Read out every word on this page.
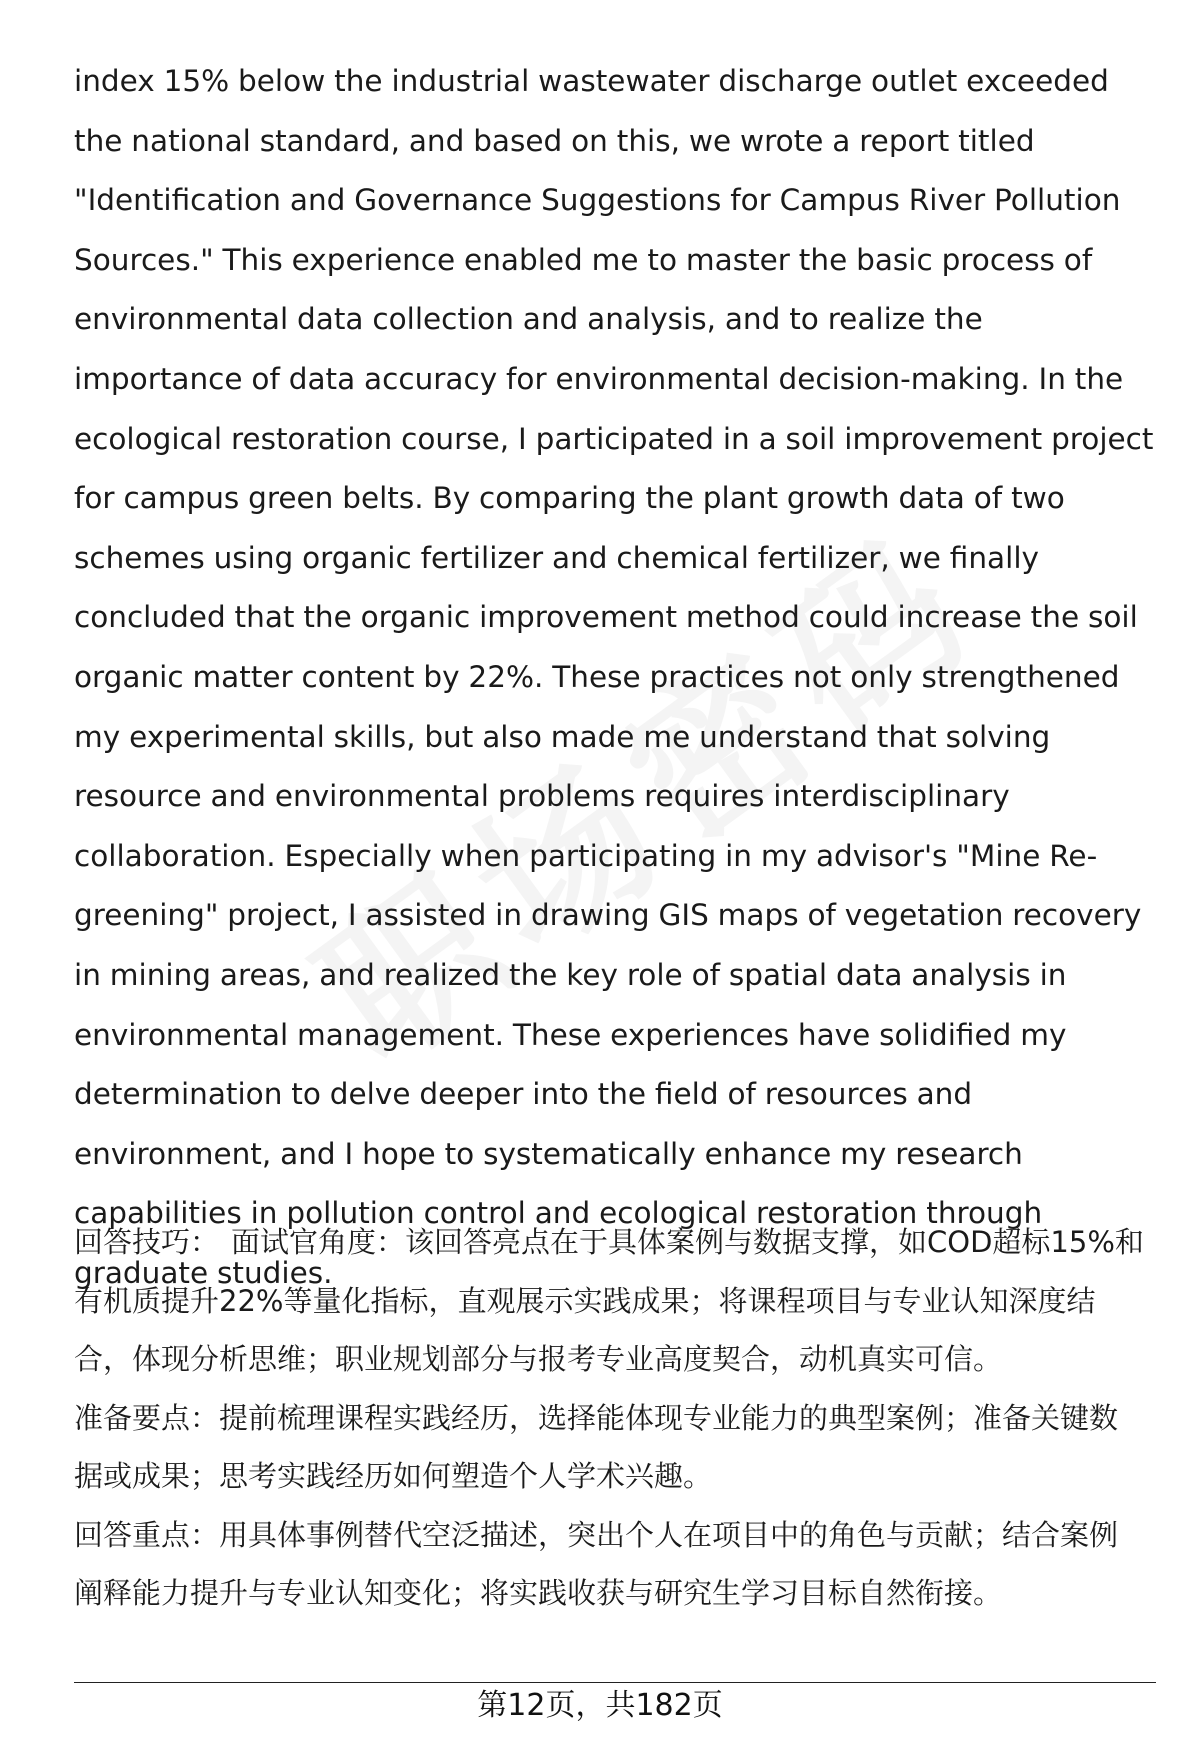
index 15% below the industrial wastewater discharge outlet exceeded the national standard, and based on this, we wrote a report titled "Identification and Governance Suggestions for Campus River Pollution Sources." This experience enabled me to master the basic process of environmental data collection and analysis, and to realize the importance of data accuracy for environmental decision-making. In the ecological restoration course, I participated in a soil improvement project for campus green belts. By comparing the plant growth data of two schemes using organic fertilizer and chemical fertilizer, we finally concluded that the organic improvement method could increase the soil organic matter content by 22%. These practices not only strengthened my experimental skills, but also made me understand that solving resource and environmental problems requires interdisciplinary collaboration. Especially when participating in my advisor's "Mine Re-greening" project, I assisted in drawing GIS maps of vegetation recovery in mining areas, and realized the key role of spatial data analysis in environmental management. These experiences have solidified my determination to delve deeper into the field of resources and environment, and I hope to systematically enhance my research capabilities in pollution control and ecological restoration through graduate studies.

回答技巧： 面试官角度：该回答亮点在于具体案例与数据支撑，如COD超标15%和有机质提升22%等量化指标，直观展示实践成果；将课程项目与专业认知深度结合，体现分析思维；职业规划部分与报考专业高度契合，动机真实可信。

准备要点：提前梳理课程实践经历，选择能体现专业能力的典型案例；准备关键数据或成果；思考实践经历如何塑造个人学术兴趣。

回答重点：用具体事例替代空泛描述，突出个人在项目中的角色与贡献；结合案例阐释能力提升与专业认知变化；将实践收获与研究生学习目标自然衔接。

第12页，共182页
